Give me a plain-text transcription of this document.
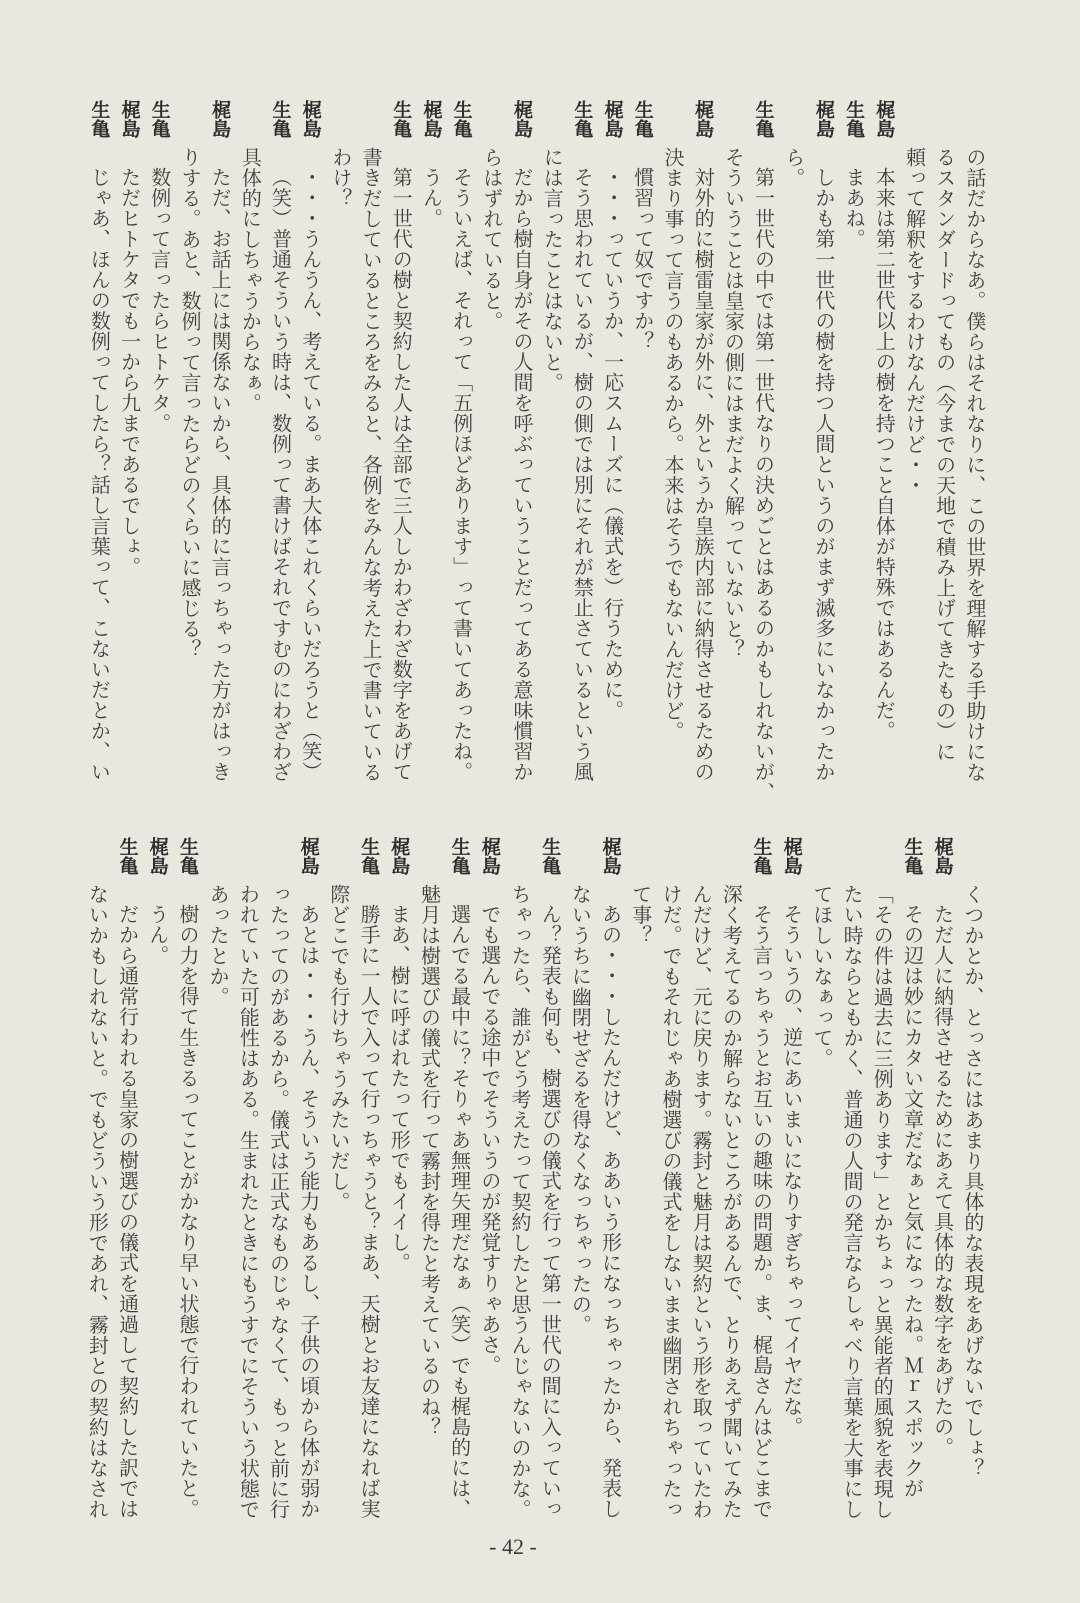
の話だからなあ。僕らはそれなりに、この世界を理解する手助けにな
るスタンダードってもの（今までの天地で積み上げてきたもの）に
頼って解釈をするわけなんだけど・・
梶島
本来は第二世代以上の樹を持つこと自体が特殊ではあるんだ。
生亀
まあね。
梶島
しかも第一世代の樹を持つ人間というのがまず滅多にいなかったか
ら。
生亀
第一世代の中では第一世代なりの決めごとはあるのかもしれないが、
そういうことは皇家の側にはまだよく解っていないと？
梶島
対外的に樹雷皇家が外に、外というか皇族内部に納得させるための
決まり事って言うのもあるから。本来はそうでもないんだけど。
生亀
慣習って奴ですか？
梶島
・・・っていうか、一応スムーズに（儀式を）行うために。
生亀
そう思われているが、樹の側では別にそれが禁止さているという風
には言ったことはないと。
梶島
だから樹自身がその人間を呼ぶっていうことだってある意味慣習か
らはずれていると。
生亀
そういえば、それって「五例ほどあります」って書いてあったね。
梶島
うん。
生亀
第一世代の樹と契約した人は全部で三人しかわざわざ数字をあげて
書きだしているところをみると、各例をみんな考えた上で書いている
わけ？
梶島
・・・うんうん、考えている。まあ大体これくらいだろうと（笑）
生亀
（笑）普通そういう時は、数例って書けばそれですむのにわざわざ
具体的にしちゃうからなぁ。
梶島
ただ、お話上には関係ないから、具体的に言っちゃった方がはっき
りする。あと、数例って言ったらどのくらいに感じる？
生亀
数例って言ったらヒトケタ。
梶島
ただヒトケタでも一から九まであるでしょ。
生亀
じゃあ、ほんの数例ってしたら？話し言葉って、こないだとか、い
くつかとか、とっさにはあまり具体的な表現をあげないでしょ？
梶島
ただ人に納得させるためにあえて具体的な数字をあげたの。
生亀
その辺は妙にカタい文章だなぁと気になったね。Ｍｒスポックが
「その件は過去に三例あります」とかちょっと異能者的風貌を表現し
たい時ならともかく、普通の人間の発言ならしゃべり言葉を大事にし
てほしいなぁって。
梶島
そういうの、逆にあいまいになりすぎちゃってイヤだな。
生亀
そう言っちゃうとお互いの趣味の問題か。ま、梶島さんはどこまで
深く考えてるのか解らないところがあるんで、とりあえず聞いてみた
んだけど、元に戻ります。霧封と魅月は契約という形を取っていたわ
けだ。でもそれじゃあ樹選びの儀式をしないまま幽閉されちゃったっ
て事？
梶島
あの・・・したんだけど、ああいう形になっちゃったから、発表し
ないうちに幽閉せざるを得なくなっちゃったの。
生亀
ん？発表も何も、樹選びの儀式を行って第一世代の間に入っていっ
ちゃったら、誰がどう考えたって契約したと思うんじゃないのかな。
梶島
でも選んでる途中でそういうのが発覚すりゃあさ。
生亀
選んでる最中に？そりゃあ無理矢理だなぁ（笑）でも梶島的には、
魅月は樹選びの儀式を行って霧封を得たと考えているのね？
梶島
まあ、樹に呼ばれたって形でもイイし。
生亀
勝手に一人で入って行っちゃうと？まあ、天樹とお友達になれば実
際どこでも行けちゃうみたいだし。
梶島
あとは・・・うん、そういう能力もあるし、子供の頃から体が弱か
ったってのがあるから。儀式は正式なものじゃなくて、もっと前に行
われていた可能性はある。生まれたときにもうすでにそういう状態で
あったとか。
生亀
樹の力を得て生きるってことがかなり早い状態で行われていたと。
梶島
うん。
生亀
だから通常行われる皇家の樹選びの儀式を通過して契約した訳では
ないかもしれないと。でもどういう形であれ、霧封との契約はなされ
- 42 -
